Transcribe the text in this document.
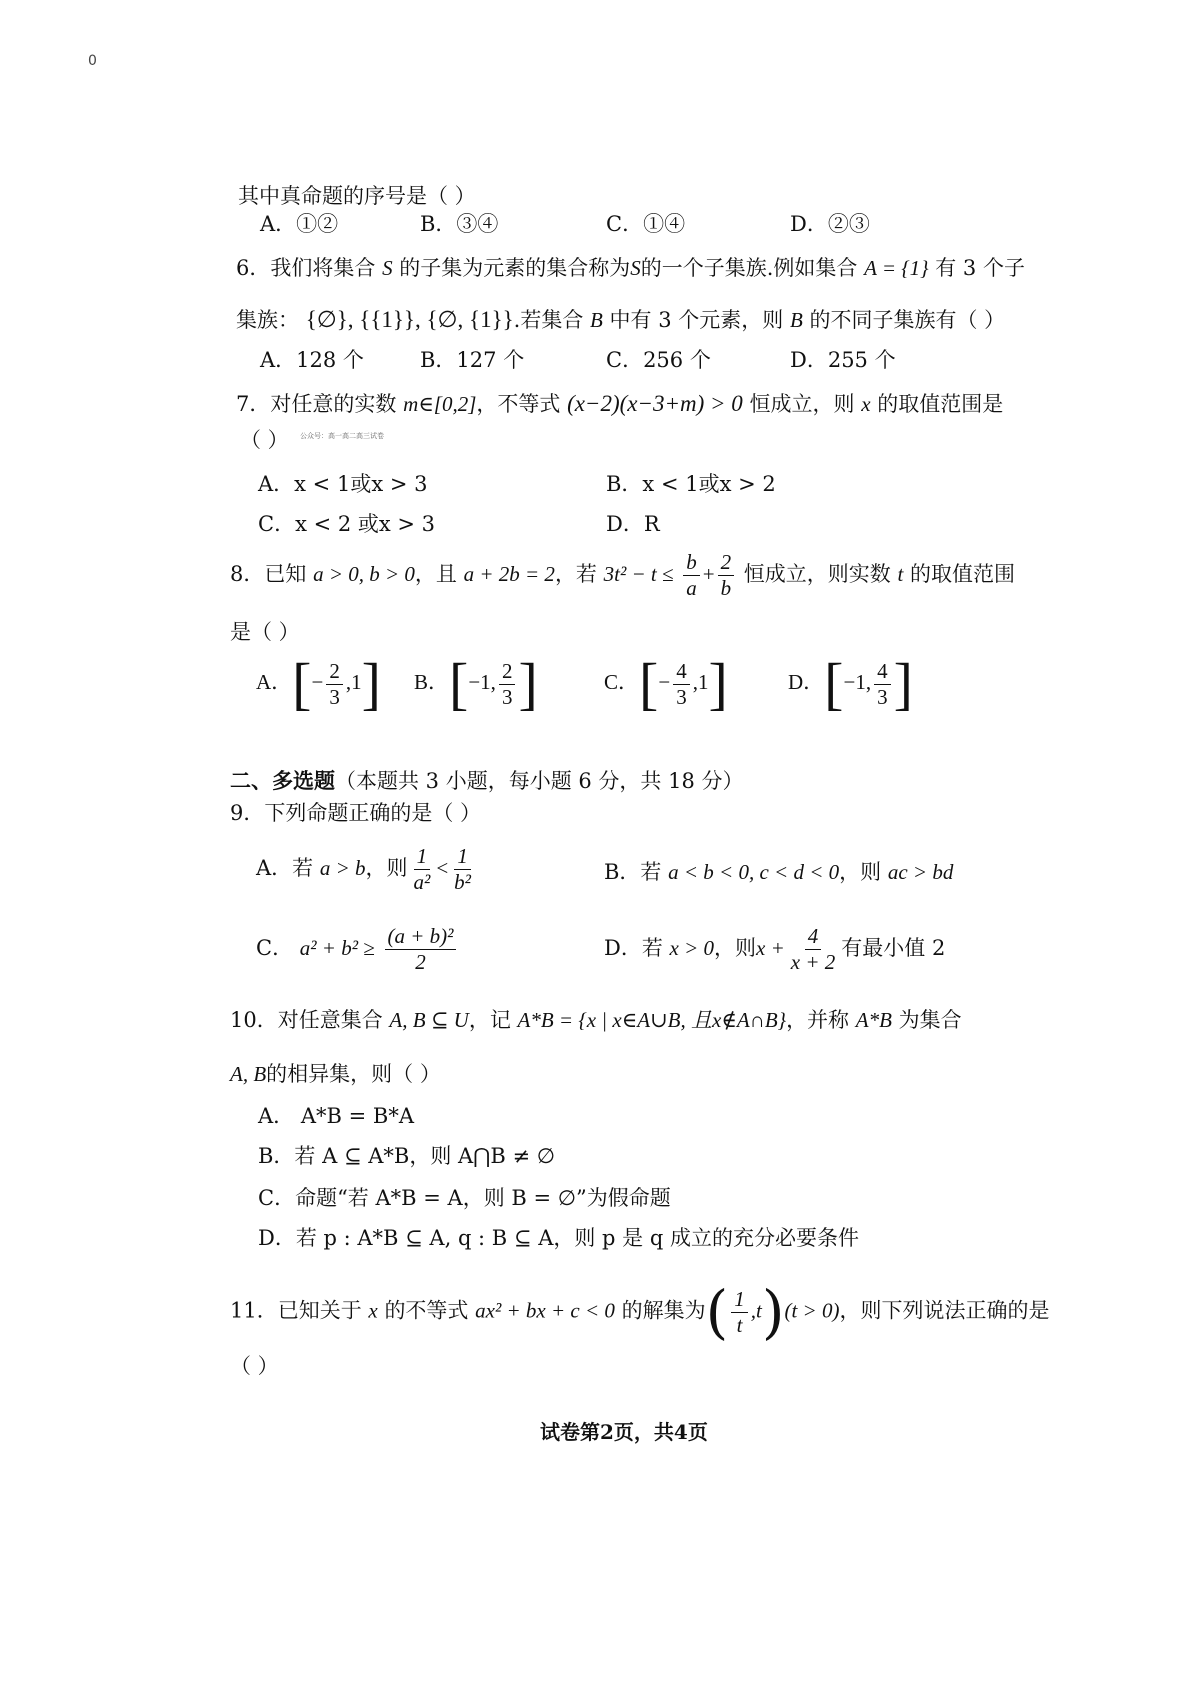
0
其中真命题的序号是（ ）
A．①②	B．③④	C．①④	D．②③
6．我们将集合 S 的子集为元素的集合称为S的一个子集族.例如集合 A = {1} 有 3 个子
集族： {∅}, {{1}}, {∅, {1}}.若集合 B 中有 3 个元素，则 B 的不同子集族有（ ）
A．128 个	B．127 个	C．256 个	D．255 个
7．对任意的实数 m∈[0,2]，不等式 (x−2)(x−3+m) > 0 恒成立，则 x 的取值范围是
（ ） 公众号：高一高二高三试卷
A．x < 1或x > 3	B．x < 1或x > 2
C．x < 2 或x > 3	D．R
8．已知 a > 0, b > 0，且 a + 2b = 2，若 $3t^2 - t \le \frac{b}{a} + \frac{2}{b}$ 恒成立，则实数 t 的取值范围
是（ ）
A．[− $\frac{2}{3} ,1$] B．[−1, $\frac{2}{3}$ ]	C．[− $\frac{4}{3} ,1$]	D．[−1, $\frac{4}{3}$ ]
二、多选题（本题共 3 小题，每小题 6 分，共 18 分）
9．下列命题正确的是（ ）
A．若 a > b，则 $\frac{1}{\text{a²}} < \frac{1}{\text{b²}}$	B．若 a < b < 0, c < d < 0，则 ac > bd
C． $a^2 + b^2 \ge \frac{\text{(a + b)²}}{2}$	D．若 x > 0，则$x + \frac{4}{x + 2}$ 有最小值 2
10．对任意集合 A, B ⊆ U，记 A*B = {x | x∈A∪B, 且x∉A∩B}，并称 A*B 为集合
A, B的相异集，则（ ）
A． A*B = B*A
B．若 A ⊆ A*B，则 A⋂B ≠ ∅
C．命题“若 A*B = A，则 B = ∅”为假命题
D．若 p : A*B ⊆ A, q : B ⊆ A，则 p 是 q 成立的充分必要条件
11．已知关于 x 的不等式 ax² + bx + c < 0 的解集为( $\frac{1}{t} ,t)(t > 0)$，则下列说法正确的是
（ ）
试卷第2页，共4页
